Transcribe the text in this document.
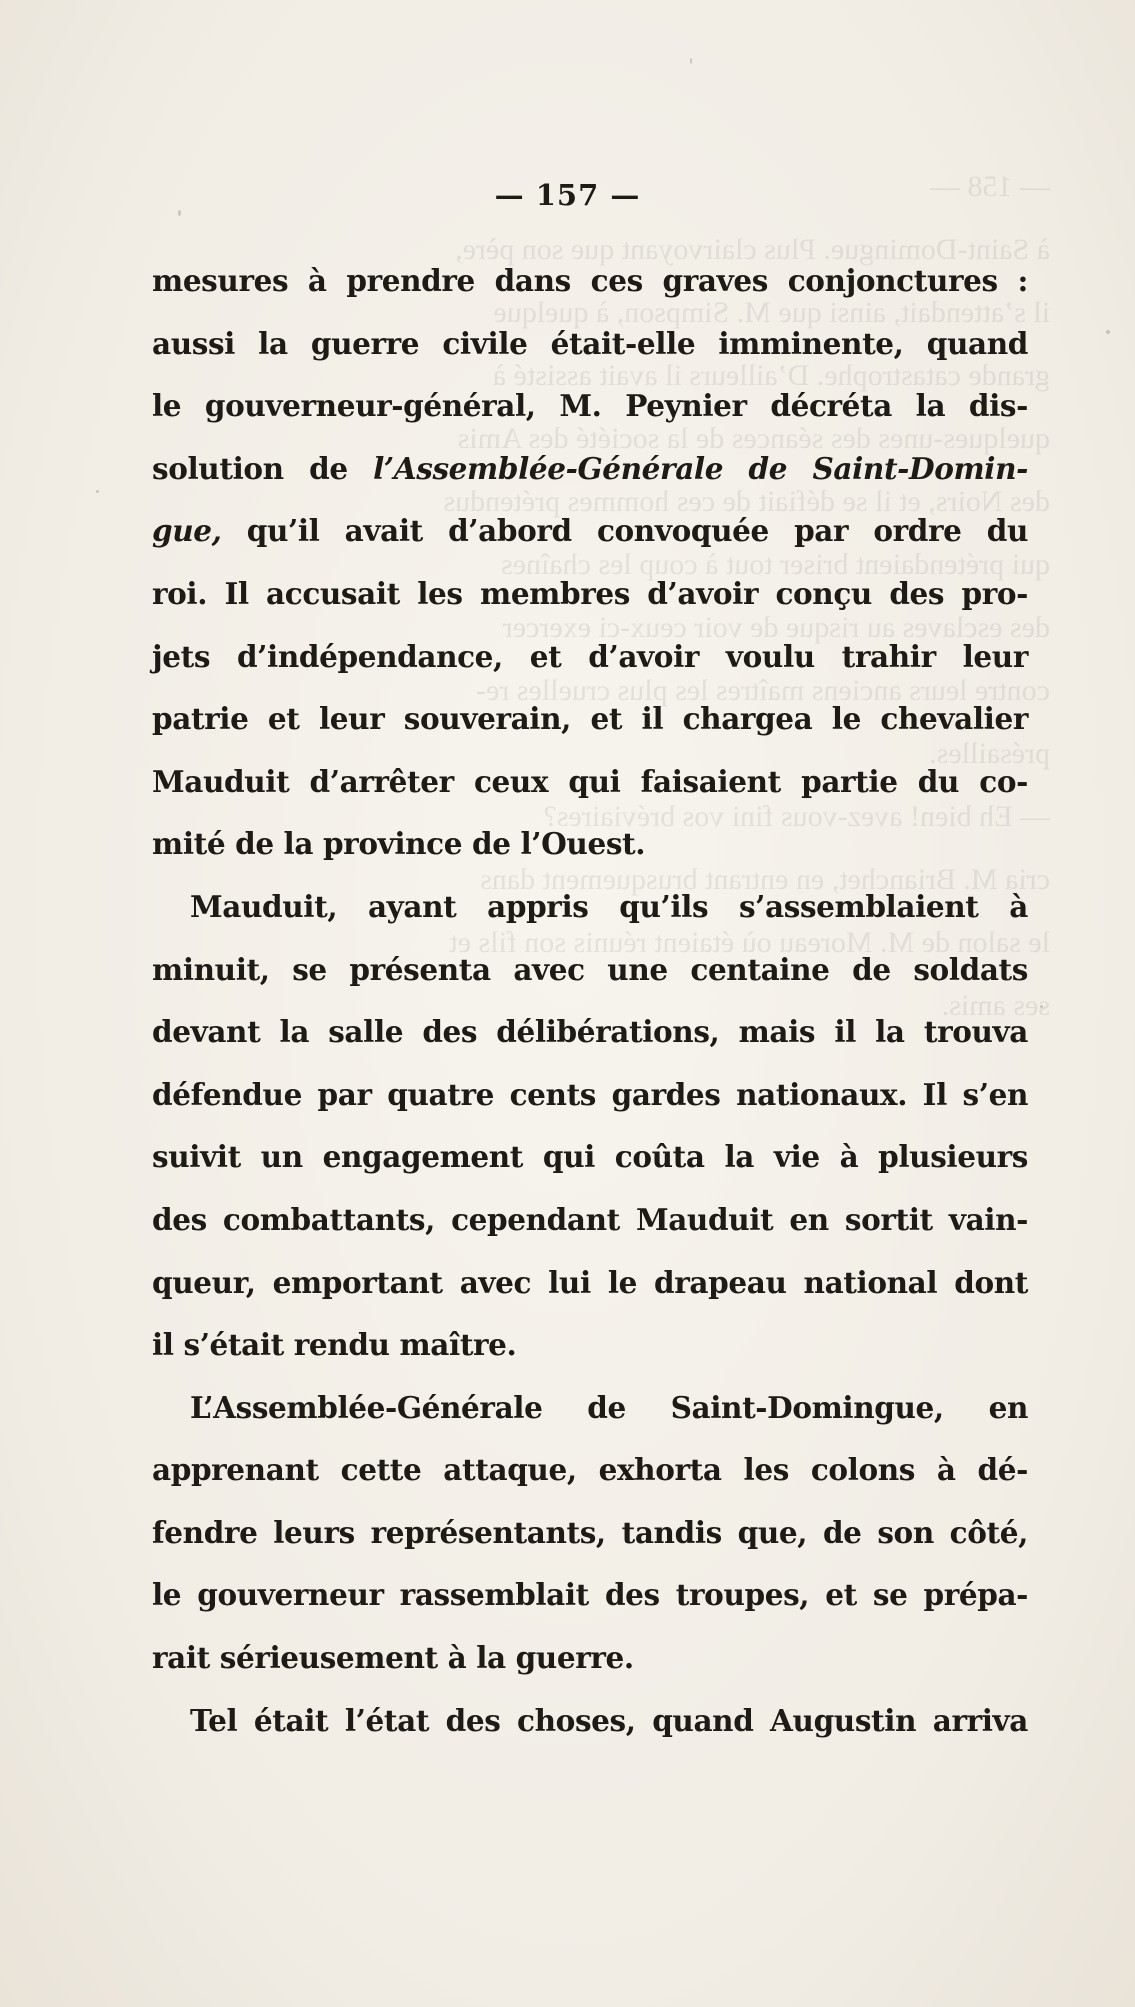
— 158 —
à Saint-Domingue. Plus clairvoyant que son père,
il s’attendait, ainsi que M. Simpson, à quelque
grande catastrophe. D’ailleurs il avait assisté à
quelques-unes des séances de la société des Amis
des Noirs, et il se défiait de ces hommes prétendus
qui prétendaient briser tout à coup les chaînes
des esclaves au risque de voir ceux-ci exercer
contre leurs anciens maîtres les plus cruelles re-
présailles.
— Eh bien! avez-vous fini vos bréviaires?
cria M. Brianchet, en entrant brusquement dans
le salon de M. Moreau où étaient réunis son fils et
ses amis.
— 157 —
mesures à prendre dans ces graves conjonctures :
aussi la guerre civile était-elle imminente, quand
le gouverneur-général, M. Peynier décréta la dis-
solution de l’Assemblée-Générale de Saint-Domin-
gue, qu’il avait d’abord convoquée par ordre du
roi. Il accusait les membres d’avoir conçu des pro-
jets d’indépendance, et d’avoir voulu trahir leur
patrie et leur souverain, et il chargea le chevalier
Mauduit d’arrêter ceux qui faisaient partie du co-
mité de la province de l’Ouest.
Mauduit, ayant appris qu’ils s’assemblaient à
minuit, se présenta avec une centaine de soldats
devant la salle des délibérations, mais il la trouva
défendue par quatre cents gardes nationaux. Il s’en
suivit un engagement qui coûta la vie à plusieurs
des combattants, cependant Mauduit en sortit vain-
queur, emportant avec lui le drapeau national dont
il s’était rendu maître.
L’Assemblée-Générale de Saint-Domingue, en
apprenant cette attaque, exhorta les colons à dé-
fendre leurs représentants, tandis que, de son côté,
le gouverneur rassemblait des troupes, et se prépa-
rait sérieusement à la guerre.
Tel était l’état des choses, quand Augustin arriva
